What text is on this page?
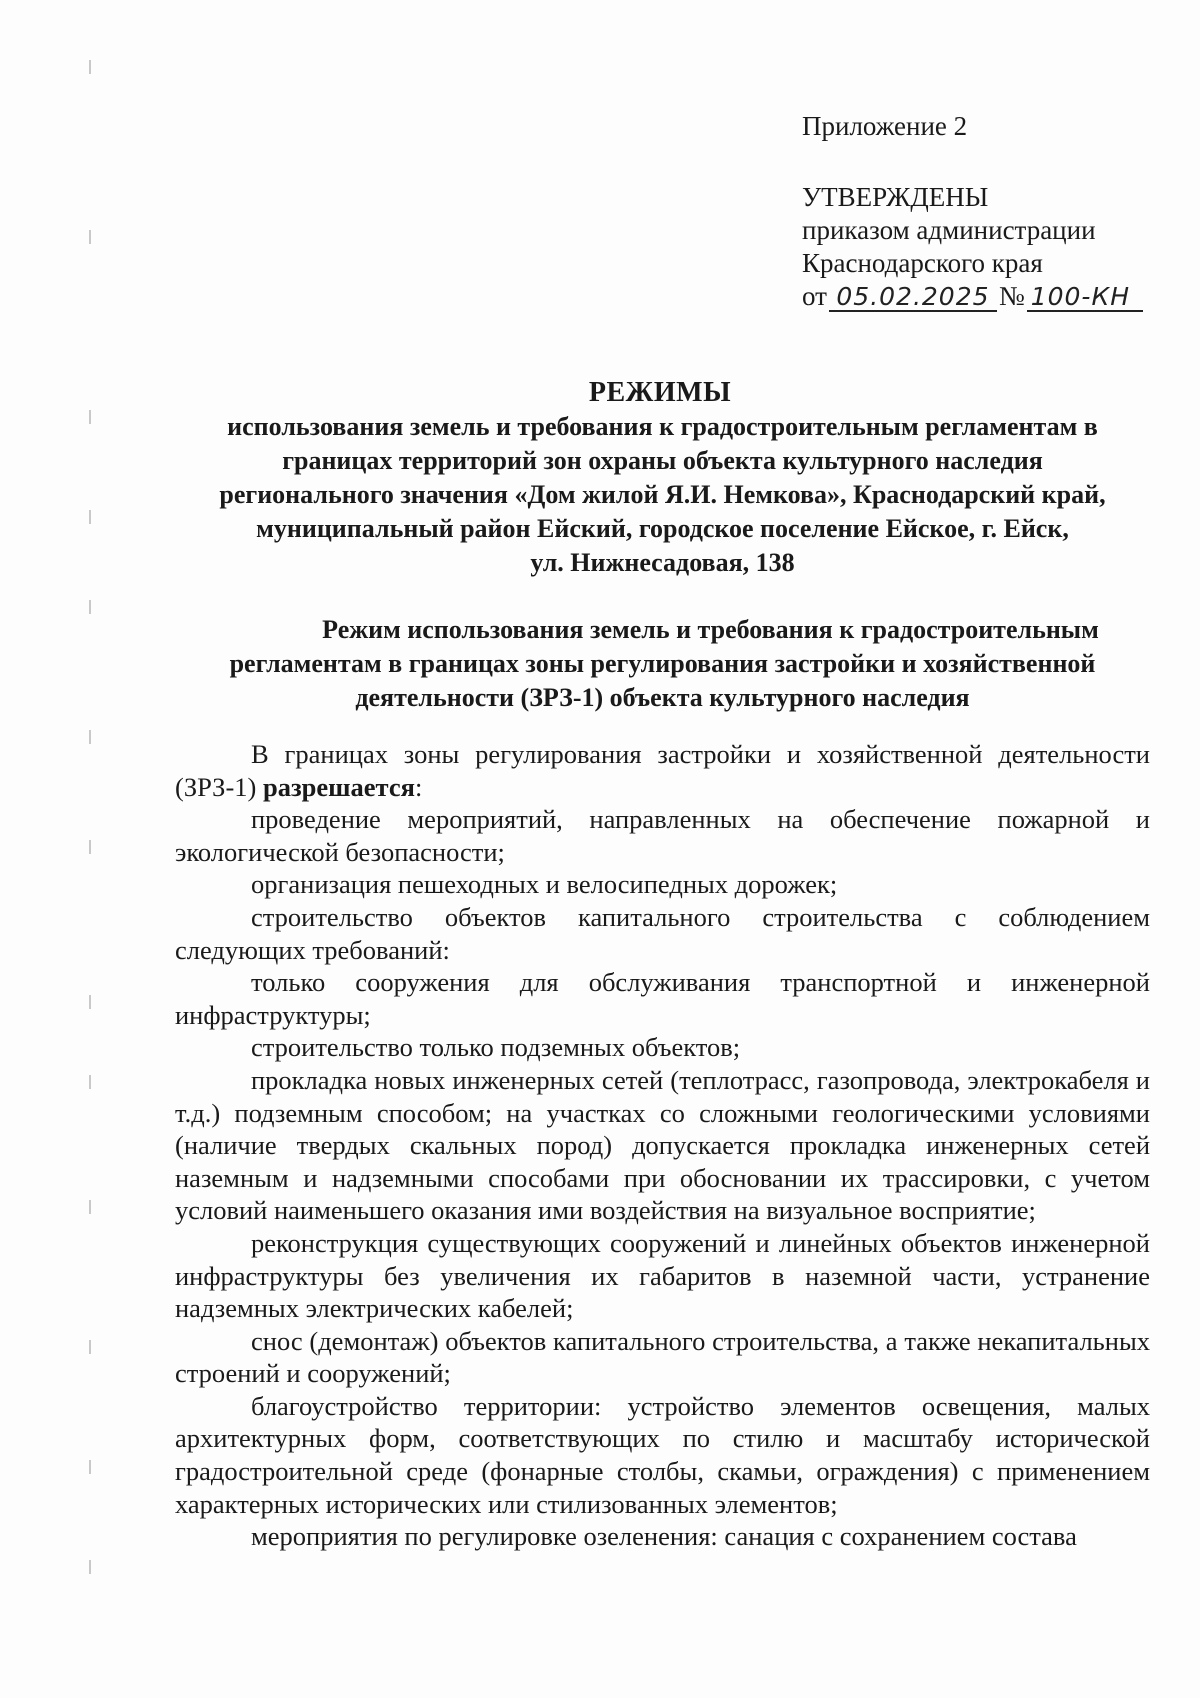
Приложение 2
УТВЕРЖДЕНЫ
приказом администрации
Краснодарского края
от 05.02.2025 № 100-КН
РЕЖИМЫ
использования земель и требования к градостроительным регламентам в
границах территорий зон охраны объекта культурного наследия
регионального значения «Дом жилой Я.И. Немкова», Краснодарский край,
муниципальный район Ейский, городское поселение Ейское, г. Ейск,
ул. Нижнесадовая, 138
Режим использования земель и требования к градостроительным
регламентам в границах зоны регулирования застройки и хозяйственной
деятельности (ЗРЗ-1) объекта культурного наследия

В границах зоны регулирования застройки и хозяйственной деятельности (ЗРЗ-1) разрешается:

проведение мероприятий, направленных на обеспечение пожарной и экологической безопасности;

организация пешеходных и велосипедных дорожек;

строительство объектов капитального строительства с соблюдением следующих требований:

только сооружения для обслуживания транспортной и инженерной инфраструктуры;

строительство только подземных объектов;

прокладка новых инженерных сетей (теплотрасс, газопровода, электрокабеля и т.д.) подземным способом; на участках со сложными геологическими условиями (наличие твердых скальных пород) допускается прокладка инженерных сетей наземным и надземными способами при обосновании их трассировки, с учетом условий наименьшего оказания ими воздействия на визуальное восприятие;

реконструкция существующих сооружений и линейных объектов инженерной инфраструктуры без увеличения их габаритов в наземной части, устранение надземных электрических кабелей;

снос (демонтаж) объектов капитального строительства, а также некапитальных строений и сооружений;

благоустройство территории: устройство элементов освещения, малых архитектурных форм, соответствующих по стилю и масштабу исторической градостроительной среде (фонарные столбы, скамьи, ограждения) с применением характерных исторических или стилизованных элементов;

мероприятия по регулировке озеленения: санация с сохранением состава
